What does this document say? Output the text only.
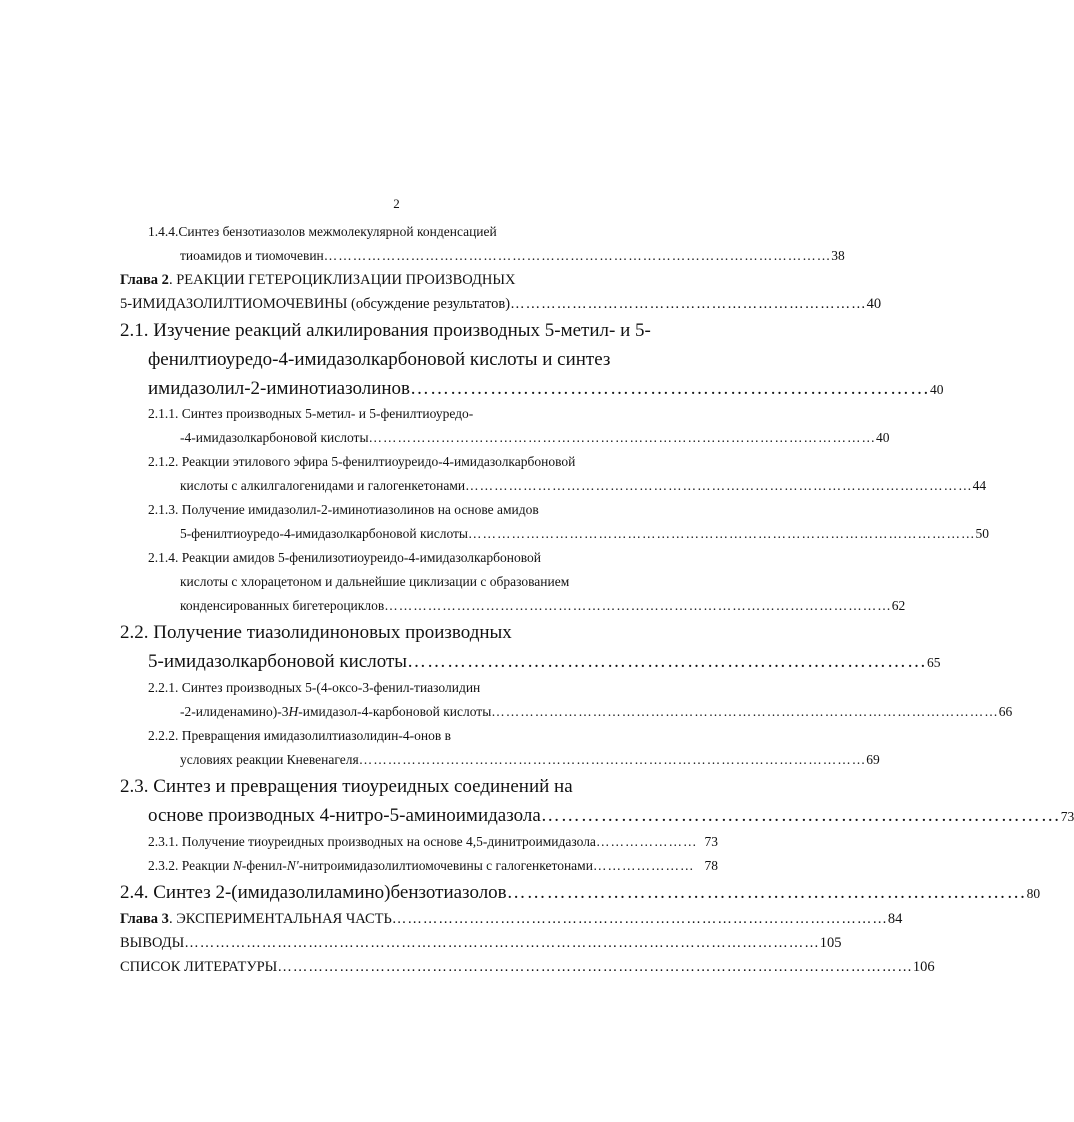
2
1.4.4.Синтез бензотиазолов межмолекулярной конденсацией
тиоамидов и тиомочевин …………………………………………………………………………………………… 38
Глава 2. РЕАКЦИИ ГЕТЕРОЦИКЛИЗАЦИИ ПРОИЗВОДНЫХ
5-ИМИДАЗОЛИЛТИОМОЧЕВИНЫ (обсуждение результатов) …………………………………………………………… 40
2.1. Изучение реакций алкилирования производных 5-метил- и 5-
фенилтиоуредо-4-имидазолкарбоновой кислоты и синтез
имидазолил-2-иминотиазолинов …………………………………………………………………… 40
2.1.1. Синтез производных 5-метил- и 5-фенилтиоуредо-
-4-имидазолкарбоновой кислоты …………………………………………………………………………………………… 40
2.1.2. Реакции этилового эфира 5-фенилтиоуреидо-4-имидазолкарбоновой
кислоты с алкилгалогенидами и галогенкетонами …………………………………………………………………………………………… 44
2.1.3. Получение имидазолил-2-иминотиазолинов на основе амидов
5-фенилтиоуредо-4-имидазолкарбоновой кислоты …………………………………………………………………………………………… 50
2.1.4. Реакции амидов 5-фенилизотиоуреидо-4-имидазолкарбоновой
кислоты с хлорацетоном и дальнейшие циклизации с образованием
конденсированных бигетероциклов …………………………………………………………………………………………… 62
2.2. Получение тиазолидиноновых производных
5-имидазолкарбоновой кислоты …………………………………………………………………… 65
2.2.1. Синтез производных 5-(4-оксо-3-фенил-тиазолидин
-2-илиденамино)-3H-имидазол-4-карбоновой кислоты …………………………………………………………………………………………… 66
2.2.2. Превращения имидазолилтиазолидин-4-онов в
условиях реакции Кневенагеля …………………………………………………………………………………………… 69
2.3. Синтез и превращения тиоуреидных соединений на
основе производных 4-нитро-5-аминоимидазола …………………………………………………………………… 73
2.3.1. Получение тиоуреидных производных на основе 4,5-динитроимидазола ………………… 73
2.3.2. Реакции N-фенил-N'-нитроимидазолилтиомочевины с галогенкетонами ………………… 78
2.4. Синтез 2-(имидазолиламино)бензотиазолов …………………………………………………………………… 80
Глава 3. ЭКСПЕРИМЕНТАЛЬНАЯ ЧАСТЬ …………………………………………………………………………………… 84
ВЫВОДЫ …………………………………………………………………………………………………………… 105
СПИСОК ЛИТЕРАТУРЫ …………………………………………………………………………………………………………… 106
